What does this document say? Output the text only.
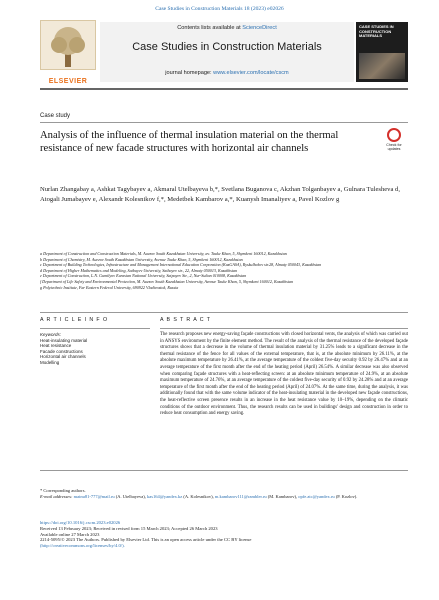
Case Studies in Construction Materials 18 (2023) e02026
ELSEVIER
Contents lists available at ScienceDirect
Case Studies in Construction Materials
journal homepage: www.elsevier.com/locate/cscm
CASE STUDIES IN CONSTRUCTION MATERIALS
Case study
Analysis of the influence of thermal insulation material on the thermal resistance of new facade structures with horizontal air channels	Check for updates
Nurlan Zhangabay a, Ashkat Tagybayev a, Akmaral Utelbayeva b,*, Svetlana Buganova c, Akzhan Tolganbayev a, Gulnara Tulesheva d, Atogali Jumabayev e, Alexandr Kolesnikov f,*, Medetbek Kambarov a,*, Kuanysh Imanaliyev a, Pavel Kozlov g

a Department of Construction and Construction Materials, M. Auezov South Kazakhstan University, av. Tauke Khan, 5, Shymkent 160012, Kazakhstan

b Department of Chemistry, M. Auezov South Kazakhstan University, Avenue Tauke Khan, 5, Shymkent 160012, Kazakhstan

c Department of Building Technologies, Infrastructure and Management International Education Corporation (KazGASA), Ryskulbekov str.28, Almaty 050043, Kazakhstan

d Department of Higher Mathematics and Modeling, Satbayev University, Satbayev str., 22, Almaty 050013, Kazakhstan

e Department of Construction, L.N. Gumilyov Eurasian National University, Satpayev Str., 2, Nur-Sultan 010008, Kazakhstan

f Department of Life Safety and Environmental Protection, M. Auezov South Kazakhstan University, Avenue Tauke Khan, 5, Shymkent 160012, Kazakhstan

g Polytechnic Institute, Far Eastern Federal University, 690922 Vladivostok, Russia

A R T I C L E I N F O	A B S T R A C T
Keywords:
Heat-insulating material
Heat resistance
Facade constructions
Horizontal air channels
Modelling
The research proposes new energy-saving façade constructions with closed horizontal vents, the analysis of which was carried out in ANSYS environment by the finite element method. The result of the analysis of the thermal resistance of the developed façade structures shows that a decrease in the volume of thermal insulation material by 31.25% leads to a significant decrease in the thermal resistance of the fence for all values of the external temperature, that is, at the absolute minimum by 26.11%, at the absolute maximum temperature by 26.41%, at the average temperature of the coldest five-day security 0.92 by 26.47% and at an average temperature of the first month after the end of the heating period (April) 26.54%. A similar decrease was also observed when comparing façade structures with a heat-reflecting screen: at an absolute minimum temperature of 24.9%, at an absolute maximum temperature of 24.76%, at an average temperature of the coldest five-day security of 0.92 by 24.28% and at an average temperature of the first month after the end of the heating period (April) of 24.07%. At the same time, during the analysis, it was additionally found that with the same volume indicator of the heat-insulating material in the developed new façade constructions, the heat-reflective screen presence results in an increase in the heat resistance value by 10–19%, depending on the climatic conditions of the outdoor environment. Thus, the research results can be used in buildings' design and construction in order to reduce heat consumption and energy saving.

* Corresponding authors.

E-mail addresses: mainu81-777@mail.ru (A. Utelbayeva), kas164@yandex.kz (A. Kolesnikov), m.kambarov111@rambler.ru (M. Kambarov), opfe.atc@yandex.ru (P. Kozlov).

https://doi.org/10.1016/j.cscm.2023.e02026

Received 13 February 2023; Received in revised form 15 March 2023; Accepted 26 March 2023

Available online 27 March 2023

2214-5095/© 2023 The Authors. Published by Elsevier Ltd. This is an open access article under the CC BY license

(http://creativecommons.org/licenses/by/4.0/).
